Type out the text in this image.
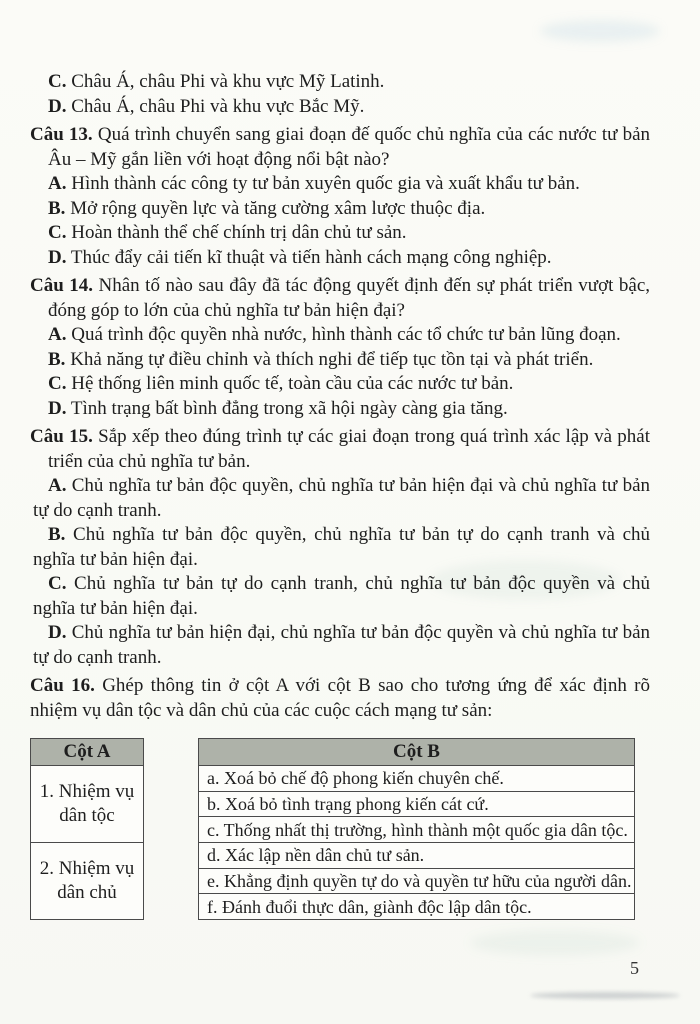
C. Châu Á, châu Phi và khu vực Mỹ Latinh.

D. Châu Á, châu Phi và khu vực Bắc Mỹ.

Câu 13. Quá trình chuyển sang giai đoạn đế quốc chủ nghĩa của các nước tư bản Âu – Mỹ gắn liền với hoạt động nổi bật nào?

A. Hình thành các công ty tư bản xuyên quốc gia và xuất khẩu tư bản.

B. Mở rộng quyền lực và tăng cường xâm lược thuộc địa.

C. Hoàn thành thể chế chính trị dân chủ tư sản.

D. Thúc đẩy cải tiến kĩ thuật và tiến hành cách mạng công nghiệp.

Câu 14. Nhân tố nào sau đây đã tác động quyết định đến sự phát triển vượt bậc, đóng góp to lớn của chủ nghĩa tư bản hiện đại?

A. Quá trình độc quyền nhà nước, hình thành các tổ chức tư bản lũng đoạn.

B. Khả năng tự điều chỉnh và thích nghi để tiếp tục tồn tại và phát triển.

C. Hệ thống liên minh quốc tế, toàn cầu của các nước tư bản.

D. Tình trạng bất bình đẳng trong xã hội ngày càng gia tăng.

Câu 15. Sắp xếp theo đúng trình tự các giai đoạn trong quá trình xác lập và phát triển của chủ nghĩa tư bản.

A. Chủ nghĩa tư bản độc quyền, chủ nghĩa tư bản hiện đại và chủ nghĩa tư bản tự do cạnh tranh.

B. Chủ nghĩa tư bản độc quyền, chủ nghĩa tư bản tự do cạnh tranh và chủ nghĩa tư bản hiện đại.

C. Chủ nghĩa tư bản tự do cạnh tranh, chủ nghĩa tư bản độc quyền và chủ nghĩa tư bản hiện đại.

D. Chủ nghĩa tư bản hiện đại, chủ nghĩa tư bản độc quyền và chủ nghĩa tư bản tự do cạnh tranh.

Câu 16. Ghép thông tin ở cột A với cột B sao cho tương ứng để xác định rõ nhiệm vụ dân tộc và dân chủ của các cuộc cách mạng tư sản:

Cột A
1. Nhiệm vụ dân tộc
2. Nhiệm vụ dân chủ
Cột B
a. Xoá bỏ chế độ phong kiến chuyên chế.
b. Xoá bỏ tình trạng phong kiến cát cứ.
c. Thống nhất thị trường, hình thành một quốc gia dân tộc.
d. Xác lập nền dân chủ tư sản.
e. Khẳng định quyền tự do và quyền tư hữu của người dân.
f. Đánh đuổi thực dân, giành độc lập dân tộc.
5
